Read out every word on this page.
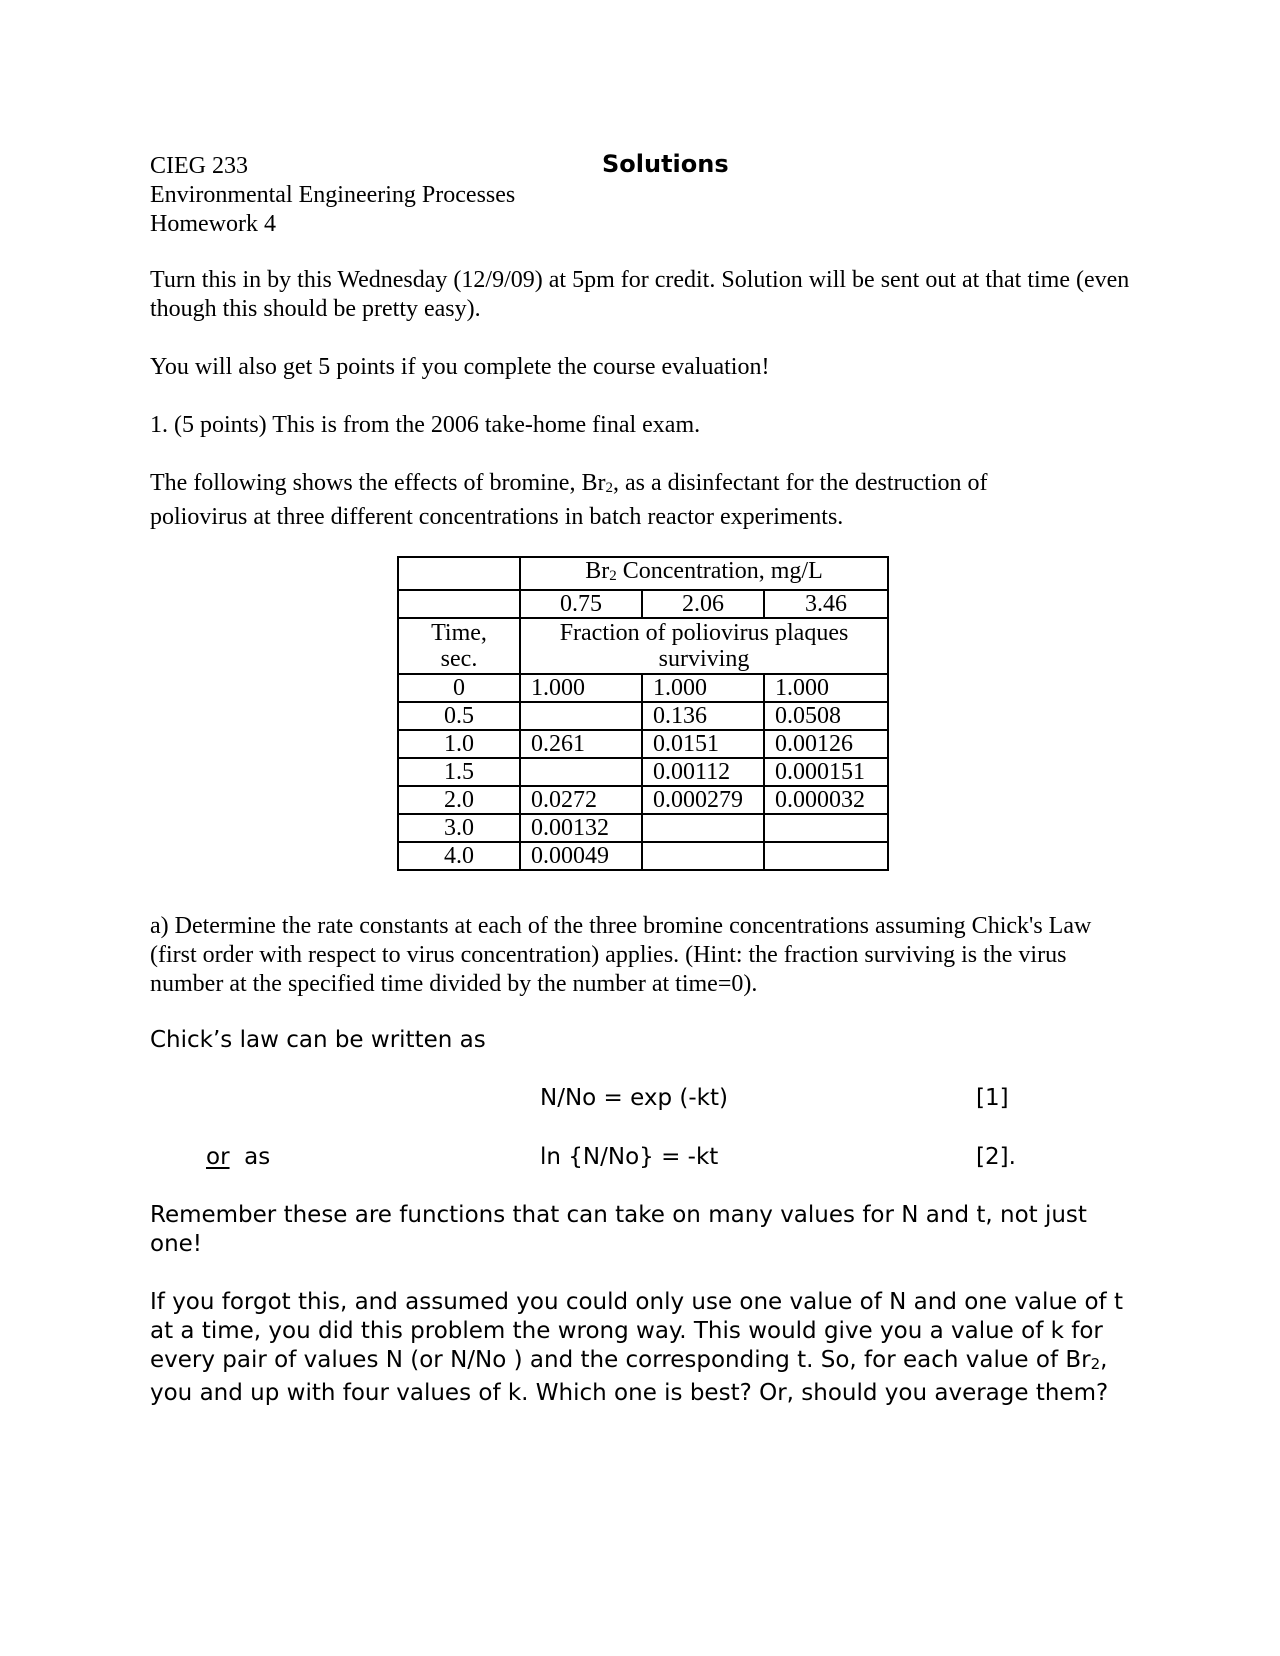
CIEG 233
Environmental Engineering Processes
Homework 4
Solutions

Turn this in by this Wednesday (12/9/09) at 5pm for credit. Solution will be sent out at that time (even though this should be pretty easy).

You will also get 5 points if you complete the course evaluation!

1. (5 points) This is from the 2006 take-home final exam.

The following shows the effects of bromine, $Br_2$, as a disinfectant for the destruction of poliovirus at three different concentrations in batch reactor experiments.

	$Br_2$ Concentration, mg/L		
	0.75	2.06	3.46

Time,
sec.	Fraction of poliovirus plaques surviving		
0	1.000	1.000	1.000
0.5		0.136	0.0508
1.0	0.261	0.0151	0.00126
1.5		0.00112	0.000151
2.0	0.0272	0.000279	0.000032
3.0	0.00132		
4.0	0.00049		

a) Determine the rate constants at each of the three bromine concentrations assuming Chick's Law (first order with respect to virus concentration) applies. (Hint: the fraction surviving is the virus number at the specified time divided by the number at time=0).

Chick’s law can be written as

N/No = exp (-kt)	[1]

or as	ln {N/No} = -kt	[2].

Remember these are functions that can take on many values for N and t, not just one!

If you forgot this, and assumed you could only use one value of N and one value of t at a time, you did this problem the wrong way. This would give you a value of k for every pair of values N (or N/No ) and the corresponding t. So, for each value of $Br_2$, you and up with four values of k. Which one is best? Or, should you average them?
